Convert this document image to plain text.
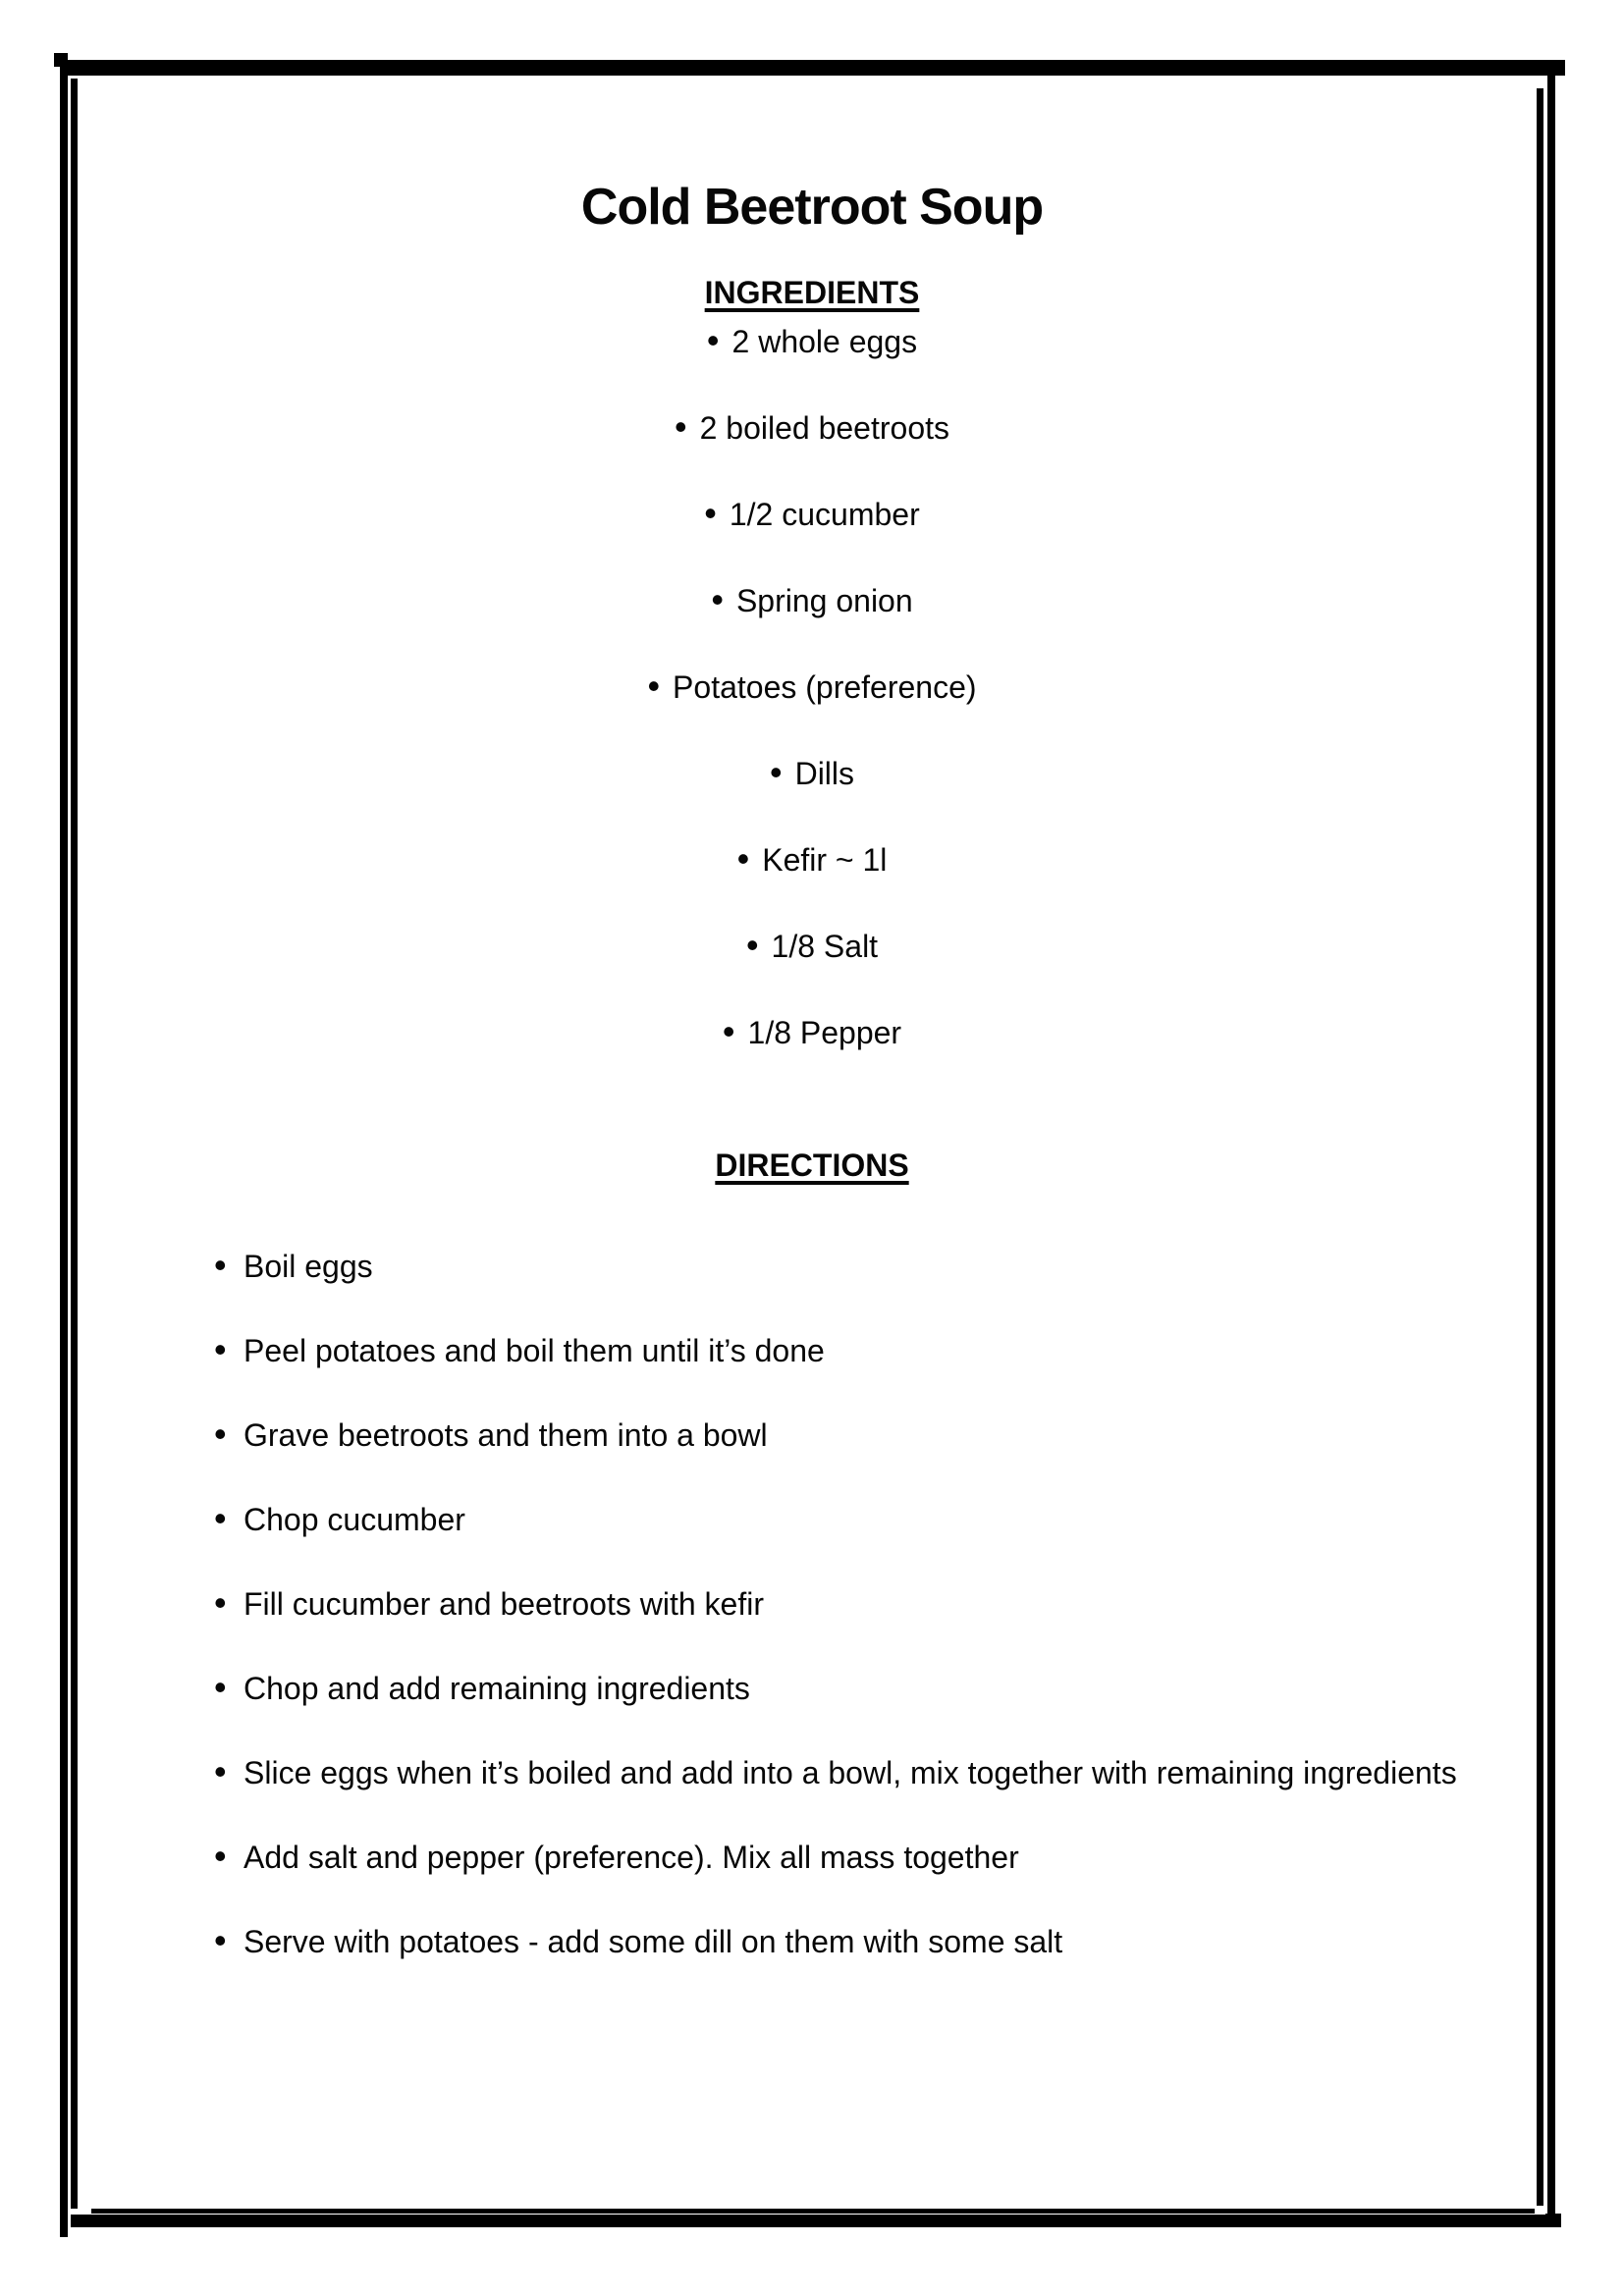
Cold Beetroot Soup
INGREDIENTS
• 2 whole eggs
• 2 boiled beetroots
• 1/2 cucumber
• Spring onion
• Potatoes (preference)
• Dills
• Kefir ~ 1l
• 1/8 Salt
• 1/8 Pepper
DIRECTIONS
• Boil eggs
• Peel potatoes and boil them until it’s done
• Grave beetroots and them into a bowl
• Chop cucumber
• Fill cucumber and beetroots with kefir
• Chop and add remaining ingredients
• Slice eggs when it’s boiled and add into a bowl, mix together with remaining ingredients
• Add salt and pepper (preference). Mix all mass together
• Serve with potatoes - add some dill on them with some salt
